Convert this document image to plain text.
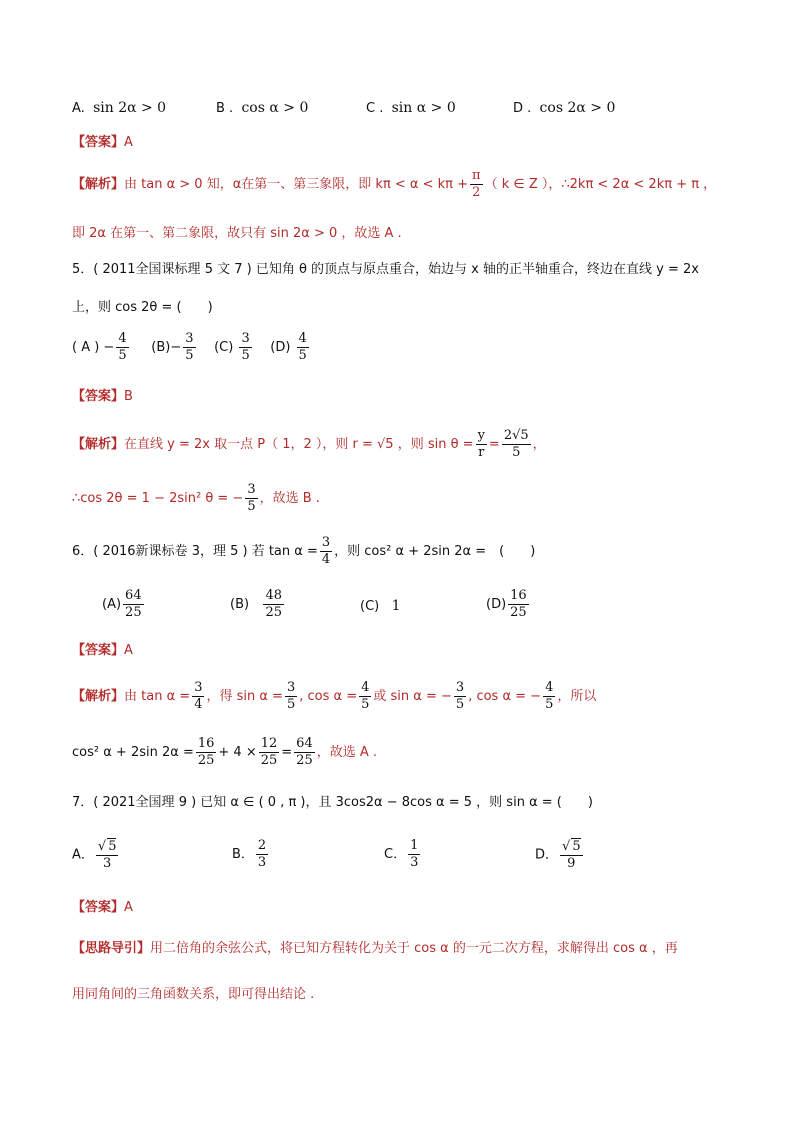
A. sin 2α > 0	B . cos α > 0	C . sin α > 0	D . cos 2α > 0
【答案】A
【解析】由 tan α > 0 知，α在第一、第三象限，即 $k\pi < \alpha < k\pi + \frac{\pi}{2}$ （ k ∈ Z ），∴2kπ < 2α < 2kπ + π ，
即 2α 在第一、第二象限，故只有 sin 2α > 0 ，故选 A .
5．( 2011全国课标理 5 文 7 ) 已知角 θ 的顶点与原点重合，始边与 x 轴的正半轴重合，终边在直线 y = 2x
上，则 cos 2θ = (　　)
( A ) − $\frac{4}{5} (B)- \frac{3}{5} (C) \frac{3}{5} (D) \frac{4}{5}$
【答案】B
【解析】在直线 y = 2x 取一点 P（ 1，2 ），则 r = √5 ，则 $\sin \theta = \frac{y}{r} = \frac{2√5}{5}$ ，
∴cos 2θ = 1 − 2sin² θ = − $\frac{3}{5}$ ，故选 B .
6．( 2016新课标卷 3，理 5 ) 若 $\tan \alpha = \frac{3}{4}$ ，则 cos² α + 2sin 2α =　(　　)
$(A) \frac{64}{25}$	$(B) \frac{48}{25}$	(C) 1	$(D) \frac{16}{25}$
【答案】A
【解析】由 $\tan \alpha = \frac{3}{4}$ ，得 $\sin \alpha = \frac{3}{5}$ , $\cos \alpha = \frac{4}{5}$ 或 sin α = − $\frac{3}{5}$ , cos α = − $\frac{4}{5}$ ，所以
cos² α + 2sin $2\alpha = \frac{16}{25} + 4 \times \frac{12}{25} = \frac{64}{25}$ ，故选 A .
7．( 2021全国理 9 ) 已知 α ∈ ( 0 , π )，且 3cos2α − 8cos α = 5 ，则 sin α = (　　)
A． $\frac{√ 5}{3}$	B． $\frac{2}{3}$	C． $\frac{1}{3}$	D． $\frac{√ 5}{9}$
【答案】A
【思路导引】用二倍角的余弦公式，将已知方程转化为关于 cos α 的一元二次方程，求解得出 cos α ，再
用同角间的三角函数关系，即可得出结论 .
